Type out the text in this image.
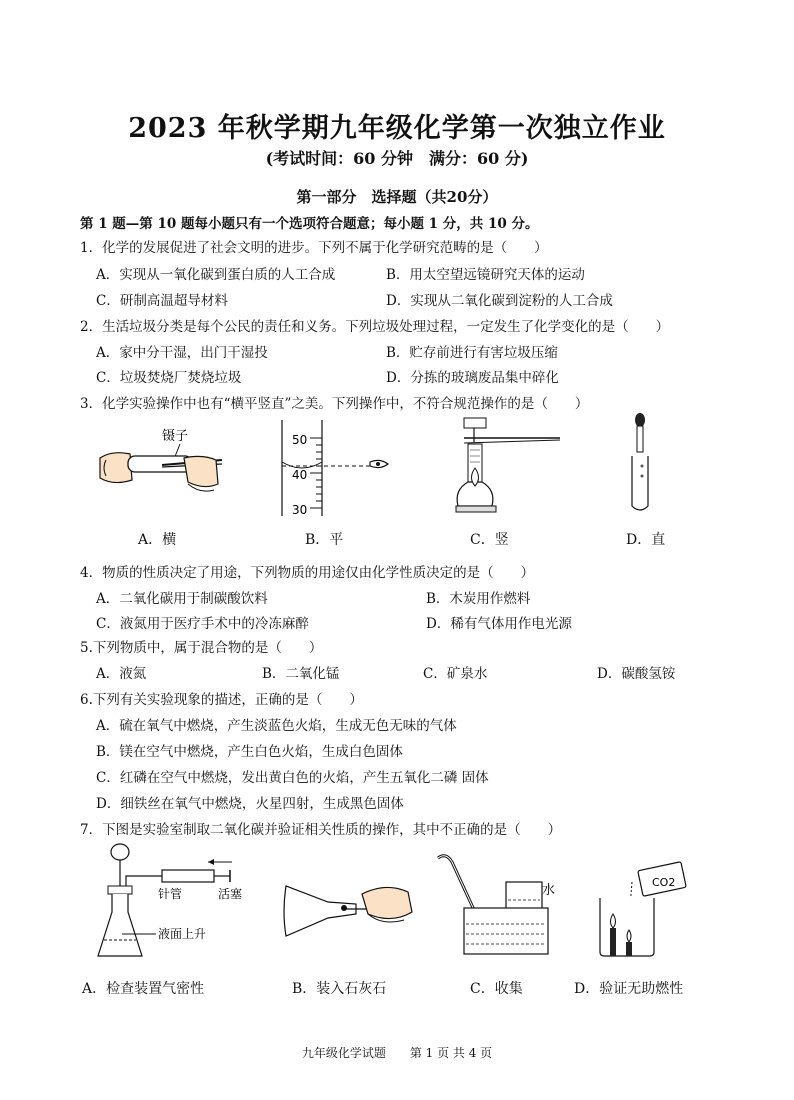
2023 年秋学期九年级化学第一次独立作业
(考试时间：60 分钟　满分：60 分)
第一部分　选择题（共20分）
第 1 题—第 10 题每小题只有一个选项符合题意；每小题 1 分，共 10 分。
1．化学的发展促进了社会文明的进步。下列不属于化学研究范畴的是（　　）
A．实现从一氧化碳到蛋白质的人工合成	B．用太空望远镜研究天体的运动
C．研制高温超导材料	D．实现从二氧化碳到淀粉的人工合成
2．生活垃圾分类是每个公民的责任和义务。下列垃圾处理过程，一定发生了化学变化的是（　　）
A．家中分干湿，出门干湿投	B．贮存前进行有害垃圾压缩
C．垃圾焚烧厂焚烧垃圾	D．分拣的玻璃废品集中碎化
3．化学实验操作中也有“横平竖直”之美。下列操作中，不符合规范操作的是（　　）
镊子	50
40
30
A．横	B．平	C．竖	D．直
4．物质的性质决定了用途，下列物质的用途仅由化学性质决定的是（　　）
A．二氧化碳用于制碳酸饮料	B．木炭用作燃料
C．液氮用于医疗手术中的冷冻麻醉	D．稀有气体用作电光源
5.下列物质中，属于混合物的是（　　）
A．液氮	B．二氧化锰	C．矿泉水	D．碳酸氢铵
6.下列有关实验现象的描述，正确的是（　　）
A．硫在氧气中燃烧，产生淡蓝色火焰，生成无色无味的气体
B．镁在空气中燃烧，产生白色火焰，生成白色固体
C．红磷在空气中燃烧，发出黄白色的火焰，产生五氧化二磷 固体
D．细铁丝在氧气中燃烧，火星四射，生成黑色固体
7．下图是实验室制取二氧化碳并验证相关性质的操作，其中不正确的是（　　）
针管	活塞
液面上升
水
CO2
A．检查装置气密性	B．装入石灰石	C．收集	D．验证无助燃性
九年级化学试题　　第 1 页 共 4 页
